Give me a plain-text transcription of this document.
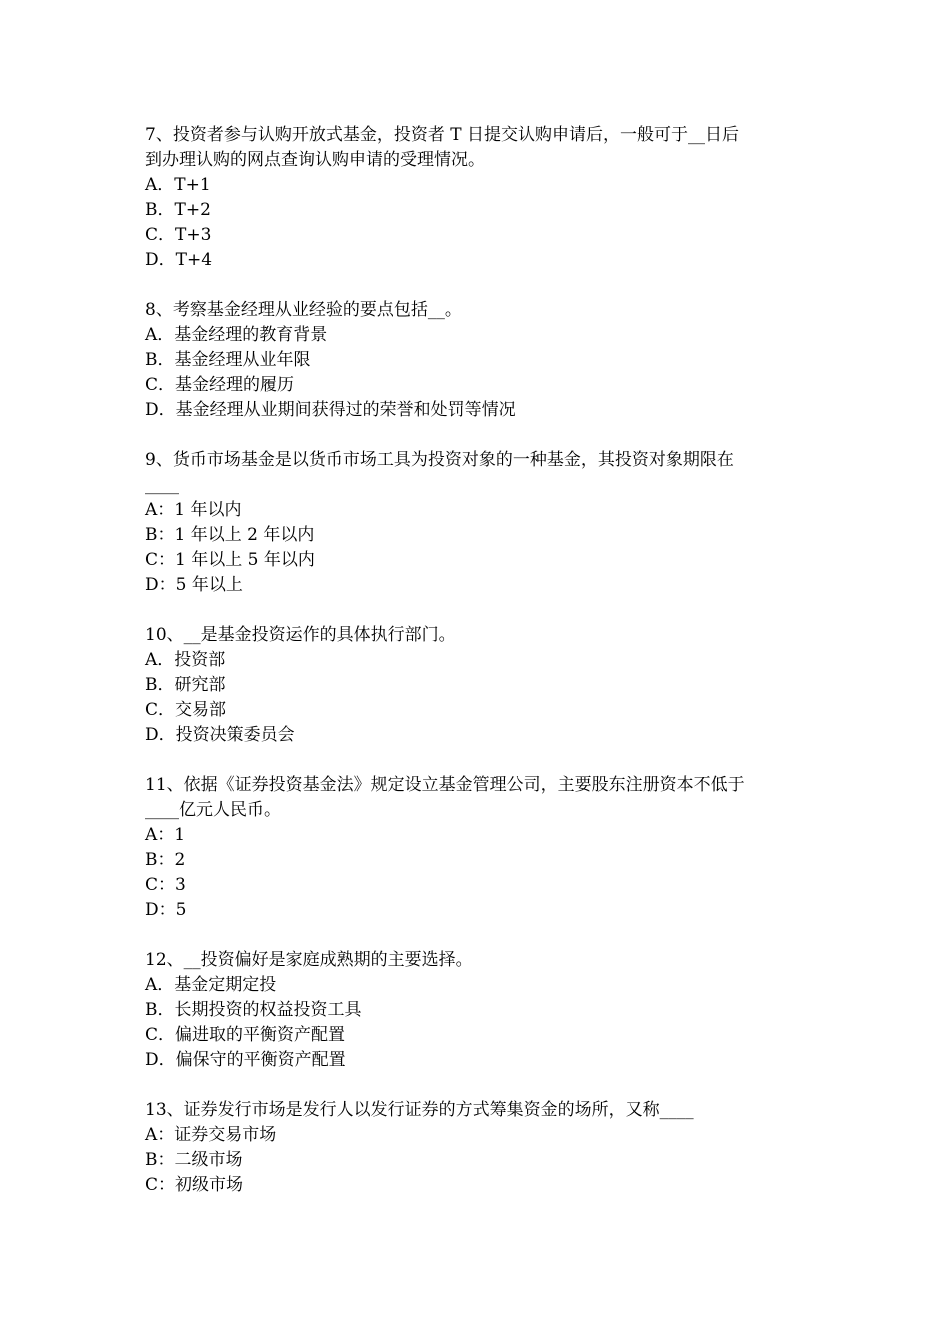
7、投资者参与认购开放式基金，投资者 T 日提交认购申请后，一般可于__日后
到办理认购的网点查询认购申请的受理情况。
A．T+1
B．T+2
C．T+3
D．T+4
8、考察基金经理从业经验的要点包括__。
A．基金经理的教育背景
B．基金经理从业年限
C．基金经理的履历
D．基金经理从业期间获得过的荣誉和处罚等情况
9、货币市场基金是以货币市场工具为投资对象的一种基金，其投资对象期限在
____
A：1 年以内
B：1 年以上 2 年以内
C：1 年以上 5 年以内
D：5 年以上
10、__是基金投资运作的具体执行部门。
A．投资部
B．研究部
C．交易部
D．投资决策委员会
11、依据《证券投资基金法》规定设立基金管理公司，主要股东注册资本不低于
____亿元人民币。
A：1
B：2
C：3
D：5
12、__投资偏好是家庭成熟期的主要选择。
A．基金定期定投
B．长期投资的权益投资工具
C．偏进取的平衡资产配置
D．偏保守的平衡资产配置
13、证券发行市场是发行人以发行证券的方式筹集资金的场所，又称____
A：证券交易市场
B：二级市场
C：初级市场
